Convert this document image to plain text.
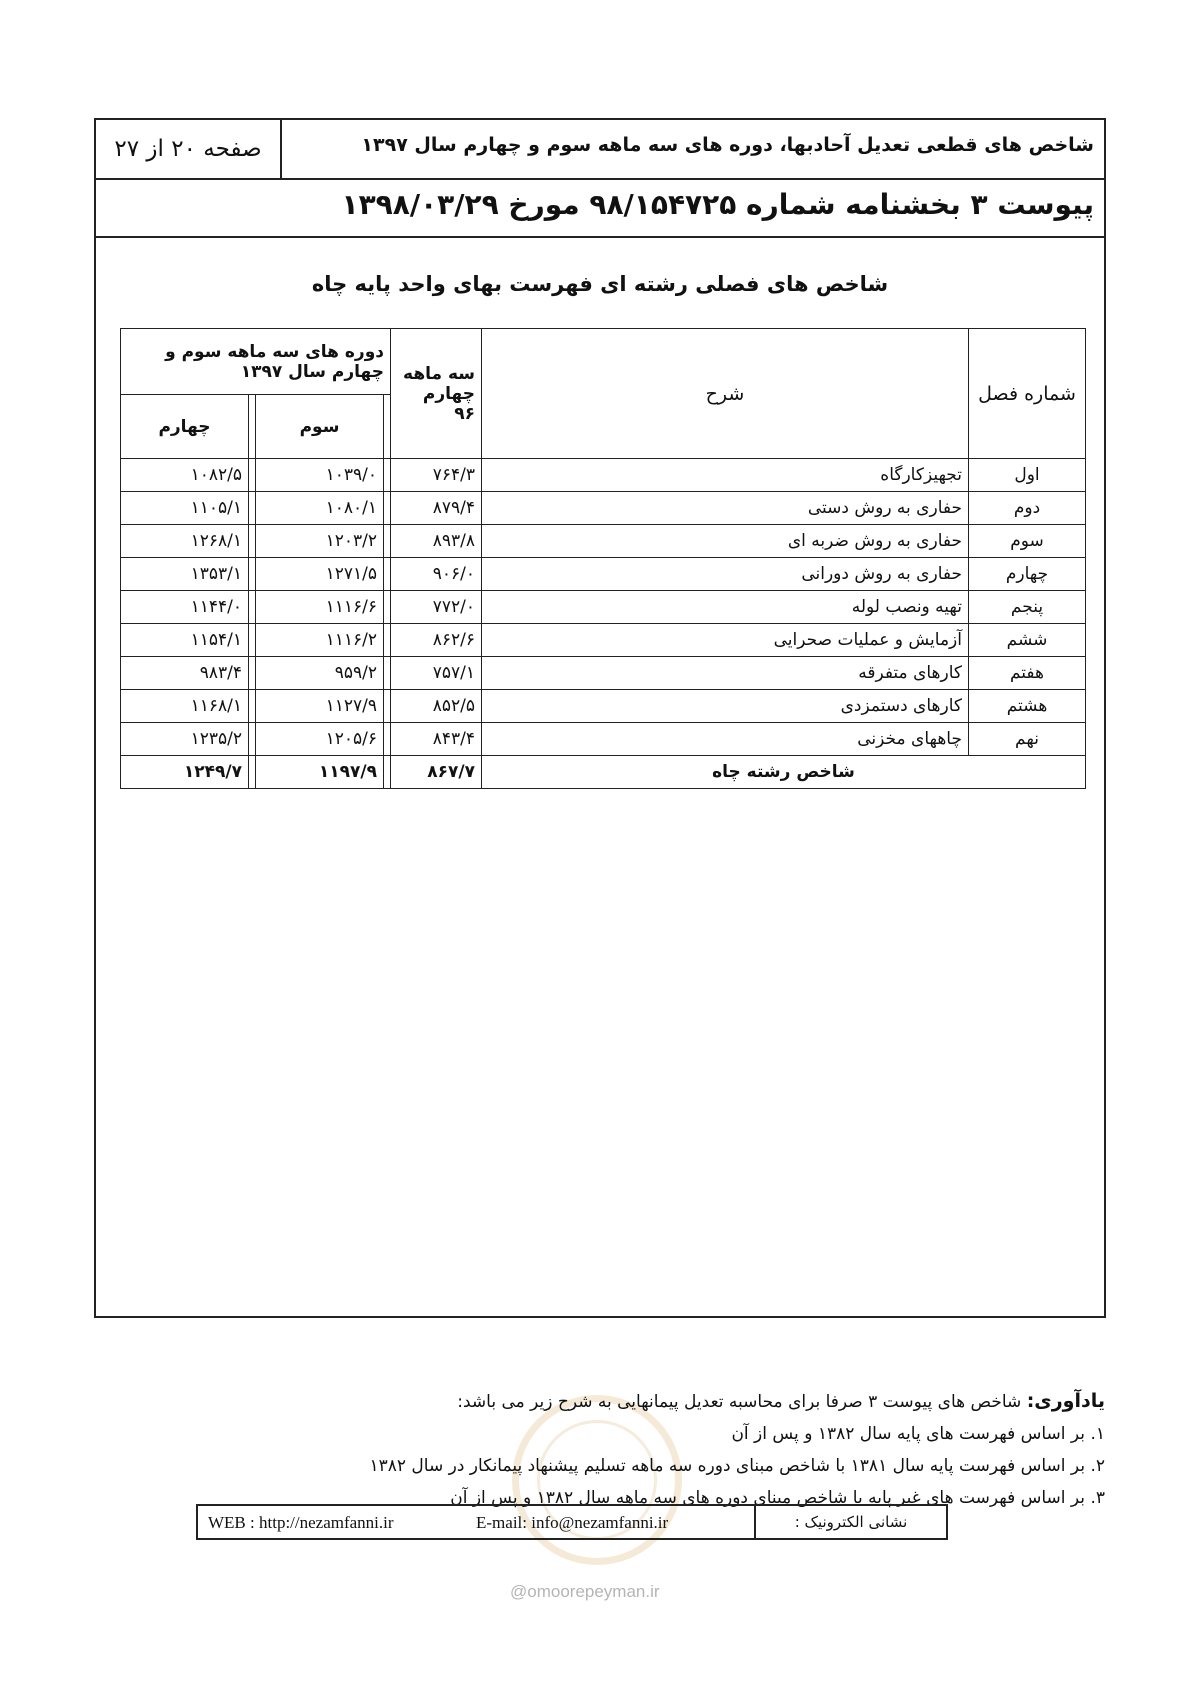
شاخص های قطعی تعدیل آحادبها، دوره های سه ماهه سوم و چهارم سال ۱۳۹۷
صفحه ۲۰ از ۲۷
پیوست ۳ بخشنامه شماره ۹۸/۱۵۴۷۲۵ مورخ ۱۳۹۸/۰۳/۲۹
شاخص های فصلی رشته ای فهرست بهای واحد پایه چاه
شماره فصل	شرح	سه ماهه چهارم ۹۶	دوره های سه ماهه سوم و چهارم سال ۱۳۹۷			
				سوم		چهارم
اول	تجهیزکارگاه	۷۶۴/۳		۱۰۳۹/۰		۱۰۸۲/۵
دوم	حفاری به روش دستی	۸۷۹/۴		۱۰۸۰/۱		۱۱۰۵/۱
سوم	حفاری به روش ضربه ای	۸۹۳/۸		۱۲۰۳/۲		۱۲۶۸/۱
چهارم	حفاری به روش دورانی	۹۰۶/۰		۱۲۷۱/۵		۱۳۵۳/۱
پنجم	تهیه ونصب لوله	۷۷۲/۰		۱۱۱۶/۶		۱۱۴۴/۰
ششم	آزمایش و عملیات صحرایی	۸۶۲/۶		۱۱۱۶/۲		۱۱۵۴/۱
هفتم	کارهای متفرقه	۷۵۷/۱		۹۵۹/۲		۹۸۳/۴
هشتم	کارهای دستمزدی	۸۵۲/۵		۱۱۲۷/۹		۱۱۶۸/۱
نهم	چاههای مخزنی	۸۴۳/۴		۱۲۰۵/۶		۱۲۳۵/۲
شاخص رشته چاه		۸۶۷/۷		۱۱۹۷/۹		۱۲۴۹/۷
یادآوری: شاخص های پیوست ۳ صرفا برای محاسبه تعدیل پیمانهایی به شرح زیر می باشد:
۱. بر اساس فهرست های پایه سال ۱۳۸۲ و پس از آن
۲. بر اساس فهرست پایه سال ۱۳۸۱ با شاخص مبنای دوره سه ماهه تسلیم پیشنهاد پیمانکار در سال ۱۳۸۲
۳. بر اساس فهرست های غیر پایه با شاخص مبنای دوره های سه ماهه سال ۱۳۸۲ و پس از آن
نشانی الکترونیک :
WEB : http://nezamfanni.ir	E-mail: info@nezamfanni.ir
@omoorepeyman.ir
